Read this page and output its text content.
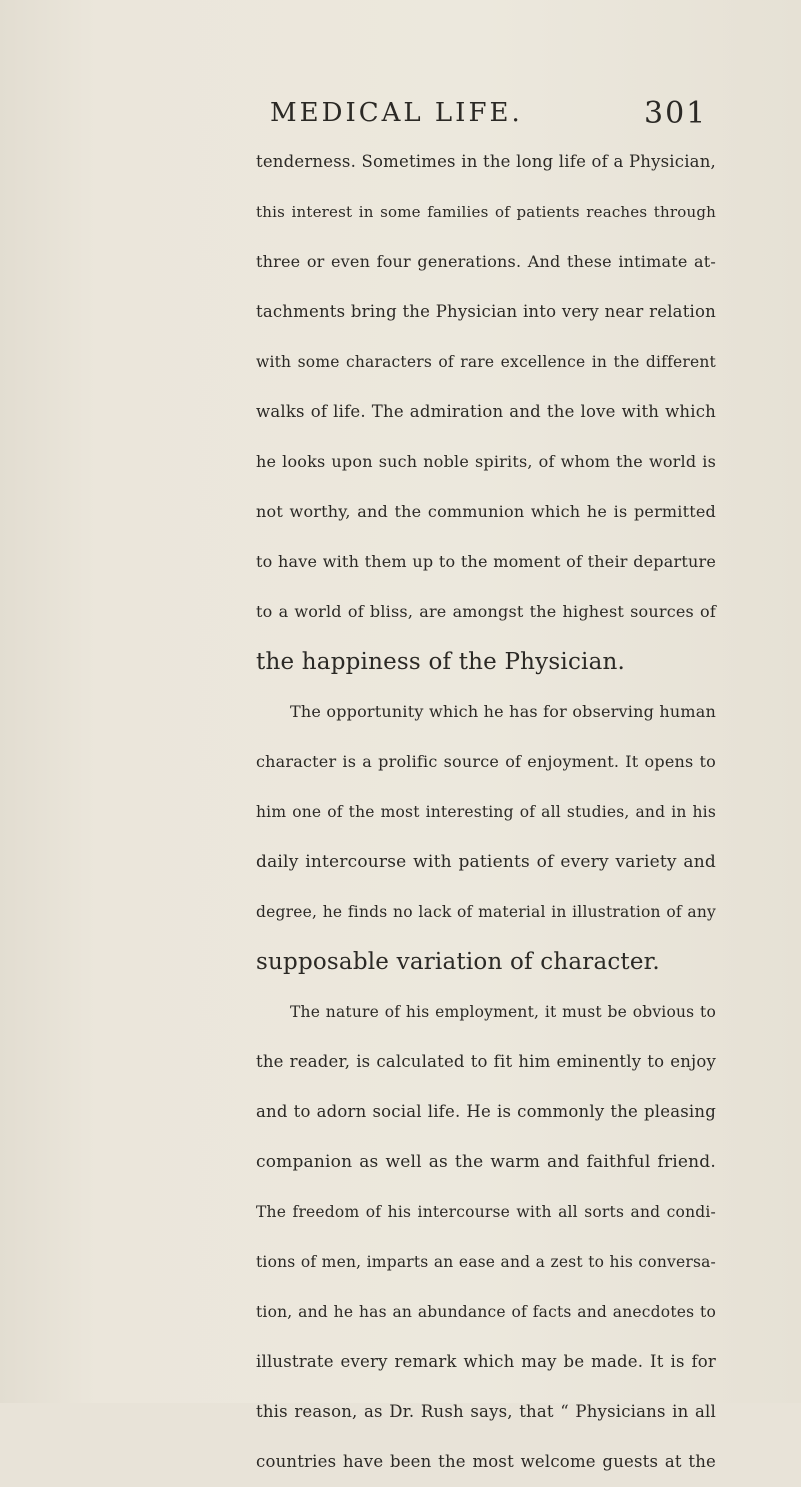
MEDICAL LIFE.	301
tenderness. Sometimes in the long life of a Physician,
this interest in some families of patients reaches through
three or even four generations. And these intimate at-
tachments bring the Physician into very near relation
with some characters of rare excellence in the different
walks of life. The admiration and the love with which
he looks upon such noble spirits, of whom the world is
not worthy, and the communion which he is permitted
to have with them up to the moment of their departure
to a world of bliss, are amongst the highest sources of
the happiness of the Physician.
The opportunity which he has for observing human
character is a prolific source of enjoyment. It opens to
him one of the most interesting of all studies, and in his
daily intercourse with patients of every variety and
degree, he finds no lack of material in illustration of any
supposable variation of character.
The nature of his employment, it must be obvious to
the reader, is calculated to fit him eminently to enjoy
and to adorn social life. He is commonly the pleasing
companion as well as the warm and faithful friend.
The freedom of his intercourse with all sorts and condi-
tions of men, imparts an ease and a zest to his conversa-
tion, and he has an abundance of facts and anecdotes to
illustrate every remark which may be made. It is for
this reason, as Dr. Rush says, that “ Physicians in all
countries have been the most welcome guests at the
